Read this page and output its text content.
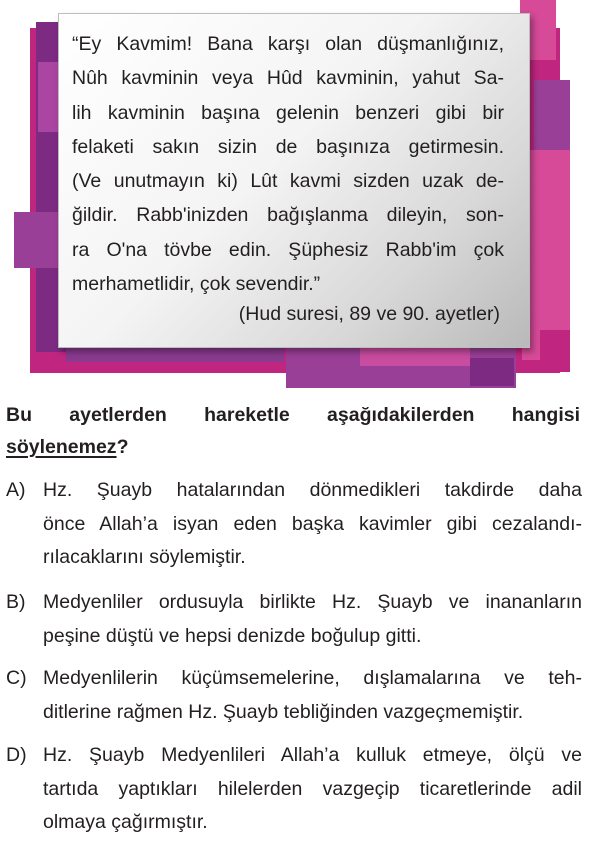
“Ey Kavmim! Bana karşı olan düşmanlığınız,
Nûh kavminin veya Hûd kavminin, yahut Sa-
lih kavminin başına gelenin benzeri gibi bir
felaketi sakın sizin de başınıza getirmesin.
(Ve unutmayın ki) Lût kavmi sizden uzak de-
ğildir. Rabb'inizden bağışlanma dileyin, son-
ra O'na tövbe edin. Şüphesiz Rabb'im çok
merhametlidir, çok sevendir.”
(Hud suresi, 89 ve 90. ayetler)
Bu ayetlerden hareketle aşağıdakilerden hangisi
söylenemez?
A) Hz. Şuayb hatalarından dönmedikleri takdirde daha
önce Allah’a isyan eden başka kavimler gibi cezalandı-
rılacaklarını söylemiştir.
B) Medyenliler ordusuyla birlikte Hz. Şuayb ve inananların
peşine düştü ve hepsi denizde boğulup gitti.
C) Medyenlilerin küçümsemelerine, dışlamalarına ve teh-
ditlerine rağmen Hz. Şuayb tebliğinden vazgeçmemiştir.
D) Hz. Şuayb Medyenlileri Allah’a kulluk etmeye, ölçü ve
tartıda yaptıkları hilelerden vazgeçip ticaretlerinde adil
olmaya çağırmıştır.
